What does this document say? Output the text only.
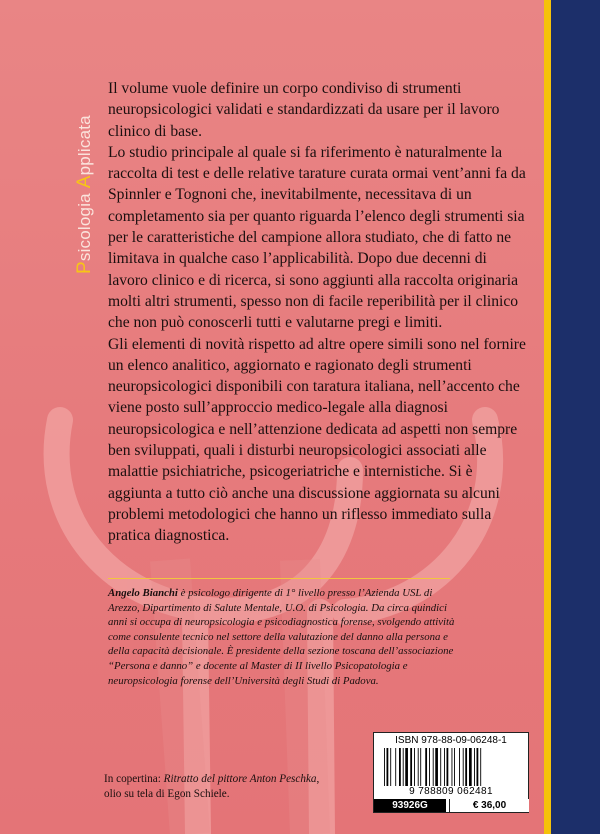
Psicologia Applicata

Il volume vuole definire un corpo condiviso di strumenti neuropsicologici validati e standardizzati da usare per il lavoro clinico di base.

Lo studio principale al quale si fa riferimento è naturalmente la raccolta di test e delle relative tarature curata ormai vent’anni fa da Spinnler e Tognoni che, inevitabilmente, necessitava di un completamento sia per quanto riguarda l’elenco degli strumenti sia per le caratteristiche del campione allora studiato, che di fatto ne limitava in qualche caso l’applicabilità. Dopo due decenni di lavoro clinico e di ricerca, si sono aggiunti alla raccolta originaria molti altri strumenti, spesso non di facile reperibilità per il clinico che non può conoscerli tutti e valutarne pregi e limiti.

Gli elementi di novità rispetto ad altre opere simili sono nel fornire un elenco analitico, aggiornato e ragionato degli strumenti neuropsicologici disponibili con taratura italiana, nell’accento che viene posto sull’approccio medico-legale alla diagnosi neuropsicologica e nell’attenzione dedicata ad aspetti non sempre ben sviluppati, quali i disturbi neuropsicologici associati alle malattie psichiatriche, psicogeriatriche e internistiche. Si è aggiunta a tutto ciò anche una discussione aggiornata su alcuni problemi metodologici che hanno un riflesso immediato sulla pratica diagnostica.

Angelo Bianchi è psicologo dirigente di 1° livello presso l’Azienda USL di Arezzo, Dipartimento di Salute Mentale, U.O. di Psicologia. Da circa quindici anni si occupa di neuropsicologia e psicodiagnostica forense, svolgendo attività come consulente tecnico nel settore della valutazione del danno alla persona e della capacità decisionale. È presidente della sezione toscana dell’associazione “Persona e danno” e docente al Master di II livello Psicopatologia e neuropsicologia forense dell’Università degli Studi di Padova.
In copertina: Ritratto del pittore Anton Peschka,
olio su tela di Egon Schiele.
ISBN 978-88-09-06248-1
9 788809 062481
93926G	€ 36,00
